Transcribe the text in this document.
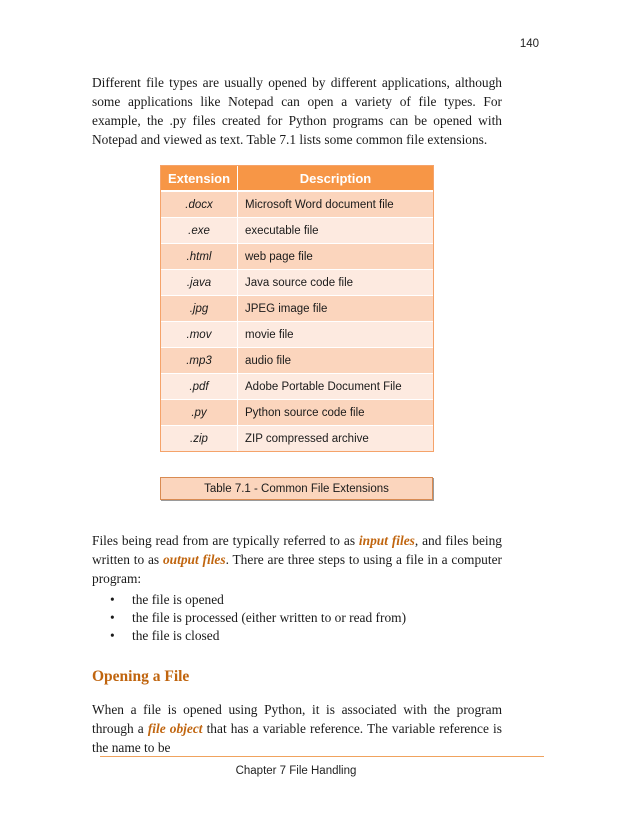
140

Different file types are usually opened by different applications, although some applications like Notepad can open a variety of file types. For example, the .py files created for Python programs can be opened with Notepad and viewed as text. Table 7.1 lists some common file extensions.

Extension	Description
.docx	Microsoft Word document file
.exe	executable file
.html	web page file
.java	Java source code file
.jpg	JPEG image file
.mov	movie file
.mp3	audio file
.pdf	Adobe Portable Document File
.py	Python source code file
.zip	ZIP compressed archive
Table 7.1 - Common File Extensions

Files being read from are typically referred to as input files, and files being written to as output files. There are three steps to using a file in a computer program:

• the file is opened
• the file is processed (either written to or read from)
• the file is closed
Opening a File

When a file is opened using Python, it is associated with the program through a file object that has a variable reference. The variable reference is the name to be

Chapter 7 File Handling
